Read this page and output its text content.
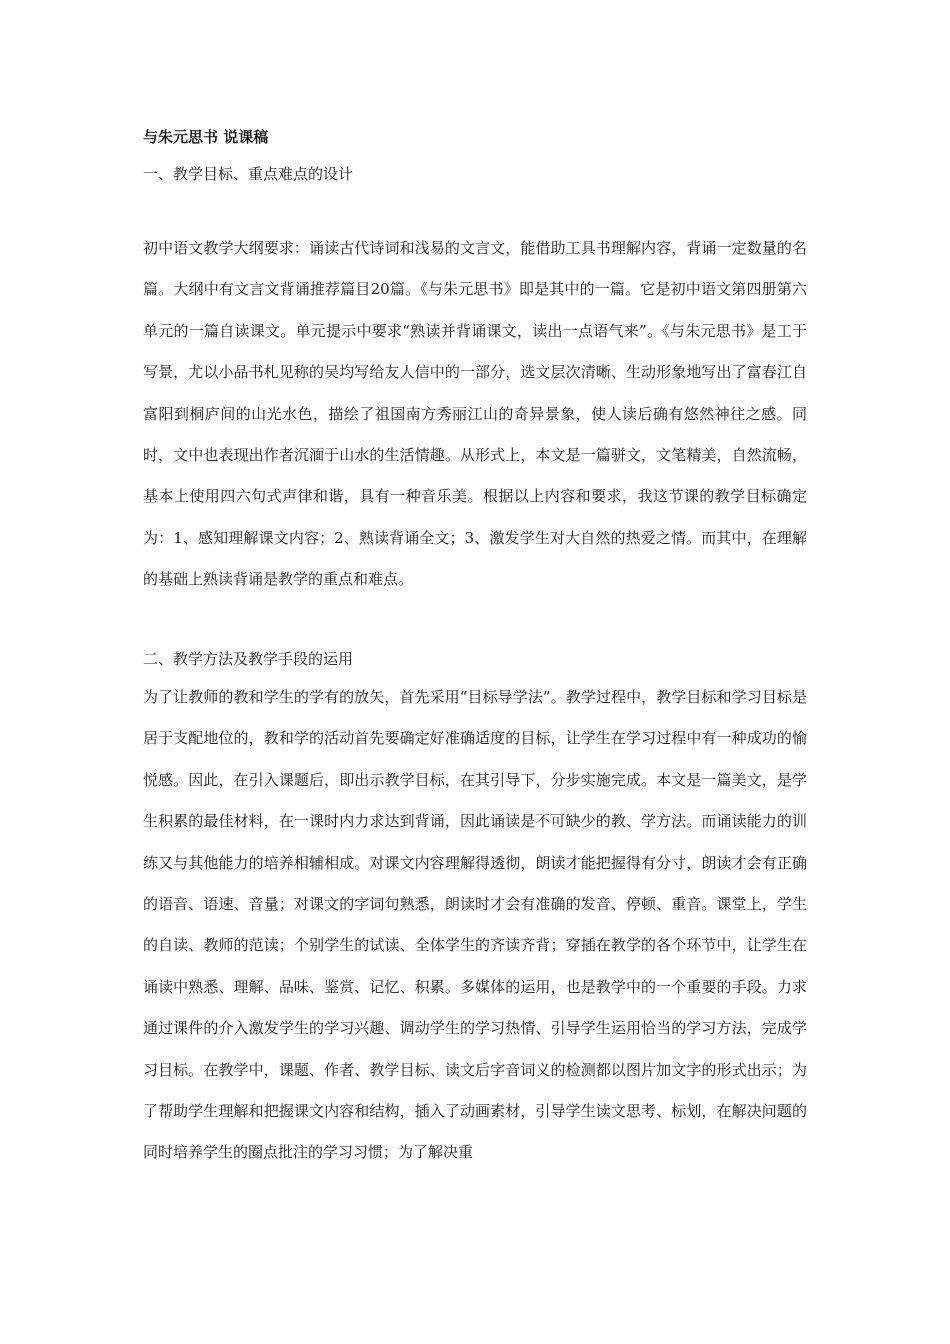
与朱元思书 说课稿
一、教学目标、重点难点的设计

初中语文教学大纲要求：诵读古代诗词和浅易的文言文，能借助工具书理解内容，背诵一定数量的名篇。大纲中有文言文背诵推荐篇目20篇。《与朱元思书》即是其中的一篇。它是初中语文第四册第六单元的一篇自读课文。单元提示中要求“熟读并背诵课文，读出一点语气来”。《与朱元思书》是工于写景，尤以小品书札见称的吴均写给友人信中的一部分，选文层次清晰、生动形象地写出了富春江自富阳到桐庐间的山光水色，描绘了祖国南方秀丽江山的奇异景象，使人读后确有悠然神往之感。同时，文中也表现出作者沉湎于山水的生活情趣。从形式上，本文是一篇骈文，文笔精美，自然流畅，基本上使用四六句式声律和谐，具有一种音乐美。根据以上内容和要求，我这节课的教学目标确定为：1、感知理解课文内容；2、熟读背诵全文；3、激发学生对大自然的热爱之情。而其中，在理解的基础上熟读背诵是教学的重点和难点。

二、教学方法及教学手段的运用

为了让教师的教和学生的学有的放矢，首先采用“目标导学法”。教学过程中，教学目标和学习目标是居于支配地位的，教和学的活动首先要确定好准确适度的目标，让学生在学习过程中有一种成功的愉悦感。因此，在引入课题后，即出示教学目标，在其引导下，分步实施完成。本文是一篇美文，是学生积累的最佳材料，在一课时内力求达到背诵，因此诵读是不可缺少的教、学方法。而诵读能力的训练又与其他能力的培养相辅相成。对课文内容理解得透彻，朗读才能把握得有分寸，朗读才会有正确的语音、语速、音量；对课文的字词句熟悉，朗读时才会有准确的发音、停顿、重音。课堂上，学生的自读、教师的范读；个别学生的试读、全体学生的齐读齐背；穿插在教学的各个环节中，让学生在诵读中熟悉、理解、品味、鉴赏、记忆、积累。多媒体的运用，也是教学中的一个重要的手段。力求通过课件的介入激发学生的学习兴趣、调动学生的学习热情、引导学生运用恰当的学习方法，完成学习目标。在教学中，课题、作者、教学目标、读文后字音词义的检测都以图片加文字的形式出示；为了帮助学生理解和把握课文内容和结构，插入了动画素材，引导学生读文思考、标划，在解决问题的同时培养学生的圈点批注的学习习惯；为了解决重
